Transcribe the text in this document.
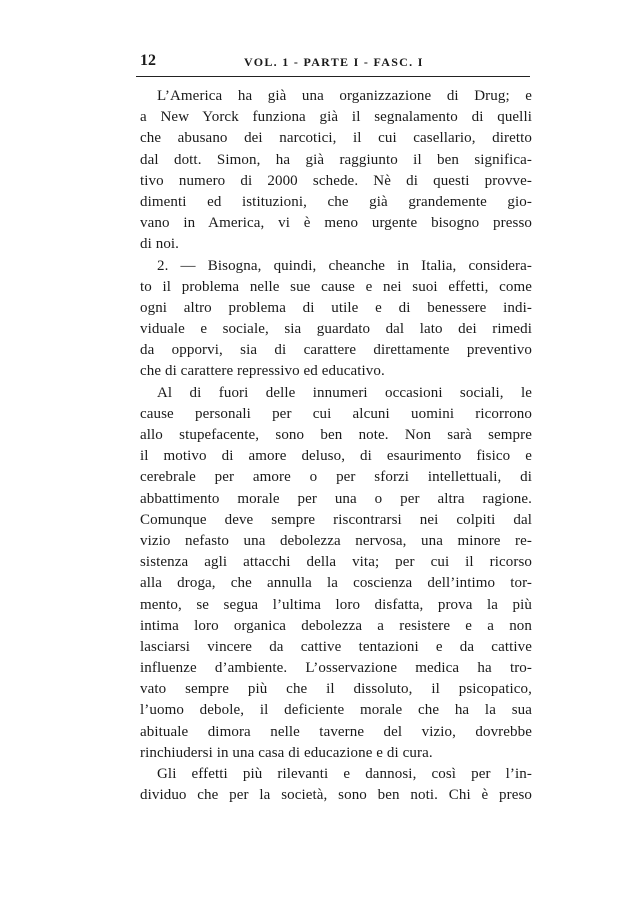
12	VOL. 1 - PARTE I - FASC. I
L’America ha già una organizzazione di Drug; e
a New Yorck funziona già il segnalamento di quelli
che abusano dei narcotici, il cui casellario, diretto
dal dott. Simon, ha già raggiunto il ben significa-
tivo numero di 2000 schede. Nè di questi provve-
dimenti ed istituzioni, che già grandemente gio-
vano in America, vi è meno urgente bisogno presso
di noi.
2. — Bisogna, quindi, cheanche in Italia, considera-
to il problema nelle sue cause e nei suoi effetti, come
ogni altro problema di utile e di benessere indi-
viduale e sociale, sia guardato dal lato dei rimedi
da opporvi, sia di carattere direttamente preventivo
che di carattere repressivo ed educativo.
Al di fuori delle innumeri occasioni sociali, le
cause personali per cui alcuni uomini ricorrono
allo stupefacente, sono ben note. Non sarà sempre
il motivo di amore deluso, di esaurimento fisico e
cerebrale per amore o per sforzi intellettuali, di
abbattimento morale per una o per altra ragione.
Comunque deve sempre riscontrarsi nei colpiti dal
vizio nefasto una debolezza nervosa, una minore re-
sistenza agli attacchi della vita; per cui il ricorso
alla droga, che annulla la coscienza dell’intimo tor-
mento, se segua l’ultima loro disfatta, prova la più
intima loro organica debolezza a resistere e a non
lasciarsi vincere da cattive tentazioni e da cattive
influenze d’ambiente. L’osservazione medica ha tro-
vato sempre più che il dissoluto, il psicopatico,
l’uomo debole, il deficiente morale che ha la sua
abituale dimora nelle taverne del vizio, dovrebbe
rinchiudersi in una casa di educazione e di cura.
Gli effetti più rilevanti e dannosi, così per l’in-
dividuo che per la società, sono ben noti. Chi è preso
